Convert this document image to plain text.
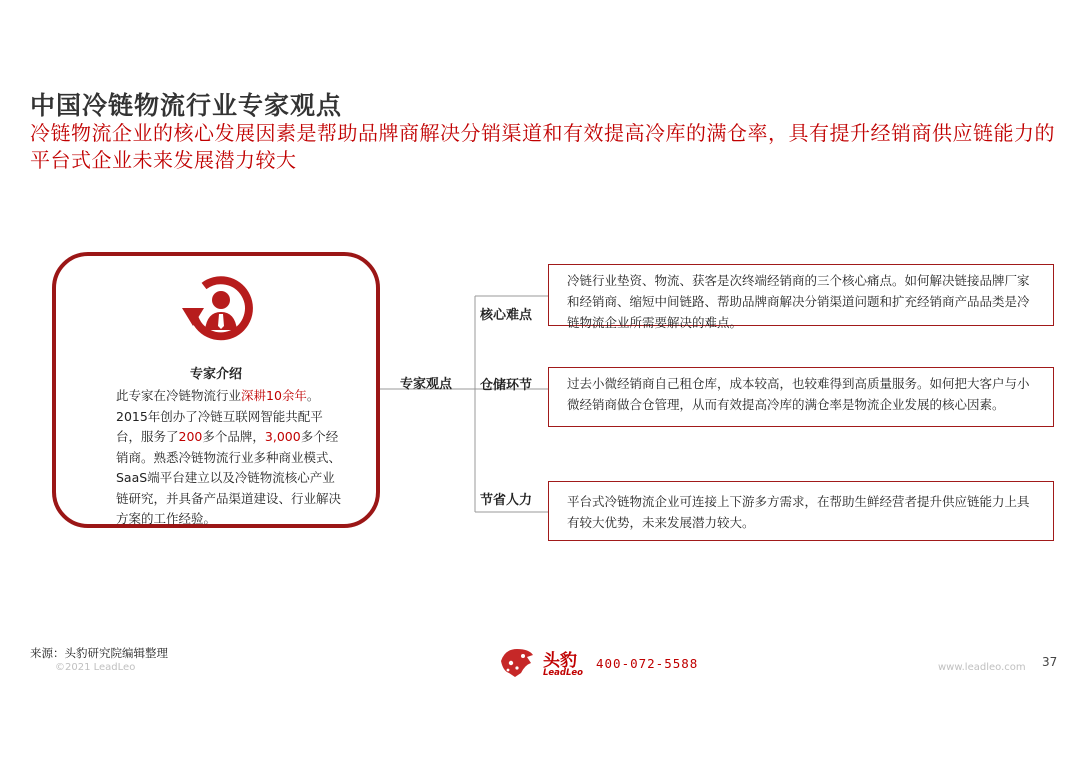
中国冷链物流行业专家观点
冷链物流企业的核心发展因素是帮助品牌商解决分销渠道和有效提高冷库的满仓率，具有提升经销商供应链能力的平台式企业未来发展潜力较大
专家介绍
此专家在冷链物流行业深耕10余年。2015年创办了冷链互联网智能共配平台，服务了200多个品牌，3,000多个经销商。熟悉冷链物流行业多种商业模式、SaaS端平台建立以及冷链物流核心产业链研究，并具备产品渠道建设、行业解决方案的工作经验。
专家观点
核心难点
仓储环节
节省人力
冷链行业垫资、物流、获客是次终端经销商的三个核心痛点。如何解决链接品牌厂家和经销商、缩短中间链路、帮助品牌商解决分销渠道问题和扩充经销商产品品类是冷链物流企业所需要解决的难点。
过去小微经销商自己租仓库，成本较高，也较难得到高质量服务。如何把大客户与小微经销商做合仓管理，从而有效提高冷库的满仓率是物流企业发展的核心因素。
平台式冷链物流企业可连接上下游多方需求，在帮助生鲜经营者提升供应链能力上具有较大优势，未来发展潜力较大。
来源：头豹研究院编辑整理
©2021 LeadLeo	头豹
LeadLeo
400-072-5588	www.leadleo.com 37
